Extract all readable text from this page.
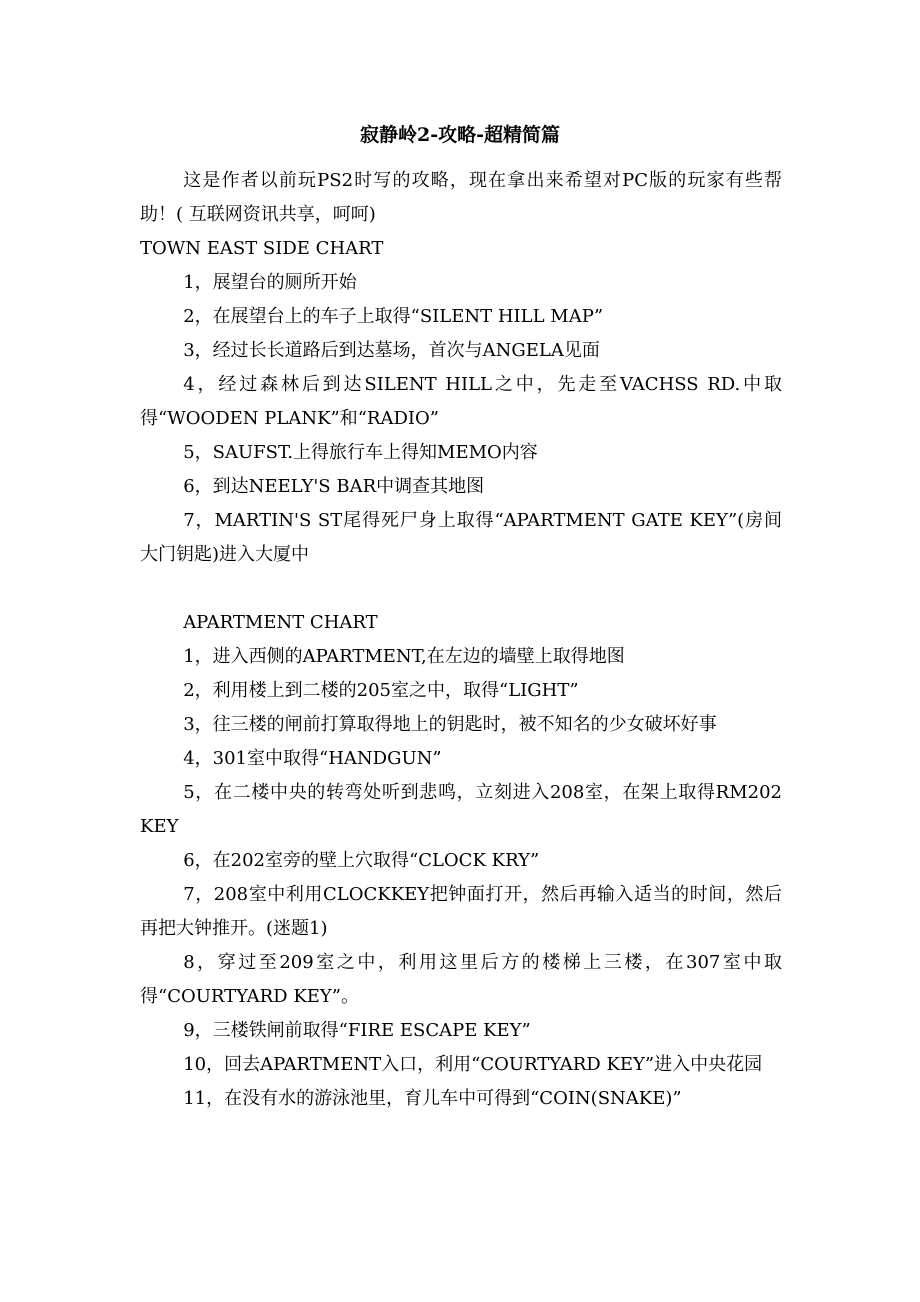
寂静岭2-攻略-超精简篇

这是作者以前玩PS2时写的攻略，现在拿出来希望对PC版的玩家有些帮助！( 互联网资讯共享，呵呵)

TOWN EAST SIDE CHART

1，展望台的厕所开始

2，在展望台上的车子上取得“SILENT HILL MAP”

3，经过长长道路后到达墓场，首次与ANGELA见面

4，经过森林后到达SILENT HILL之中，先走至VACHSS RD.中取得“WOODEN PLANK”和“RADIO”

5，SAUFST.上得旅行车上得知MEMO内容

6，到达NEELY'S BAR中调查其地图

7，MARTIN'S ST尾得死尸身上取得“APARTMENT GATE KEY”(房间大门钥匙)进入大厦中

APARTMENT CHART

1，进入西侧的APARTMENT,在左边的墙壁上取得地图

2，利用楼上到二楼的205室之中，取得“LIGHT”

3，往三楼的闸前打算取得地上的钥匙时，被不知名的少女破坏好事

4，301室中取得“HANDGUN”

5，在二楼中央的转弯处听到悲鸣，立刻进入208室，在架上取得RM202 KEY

6，在202室旁的壁上穴取得“CLOCK KRY”

7，208室中利用CLOCKKEY把钟面打开，然后再输入适当的时间，然后再把大钟推开。(迷题1)

8，穿过至209室之中，利用这里后方的楼梯上三楼，在307室中取得“COURTYARD KEY”。

9，三楼铁闸前取得“FIRE ESCAPE KEY”

10，回去APARTMENT入口，利用“COURTYARD KEY”进入中央花园

11，在没有水的游泳池里，育儿车中可得到“COIN(SNAKE)”
